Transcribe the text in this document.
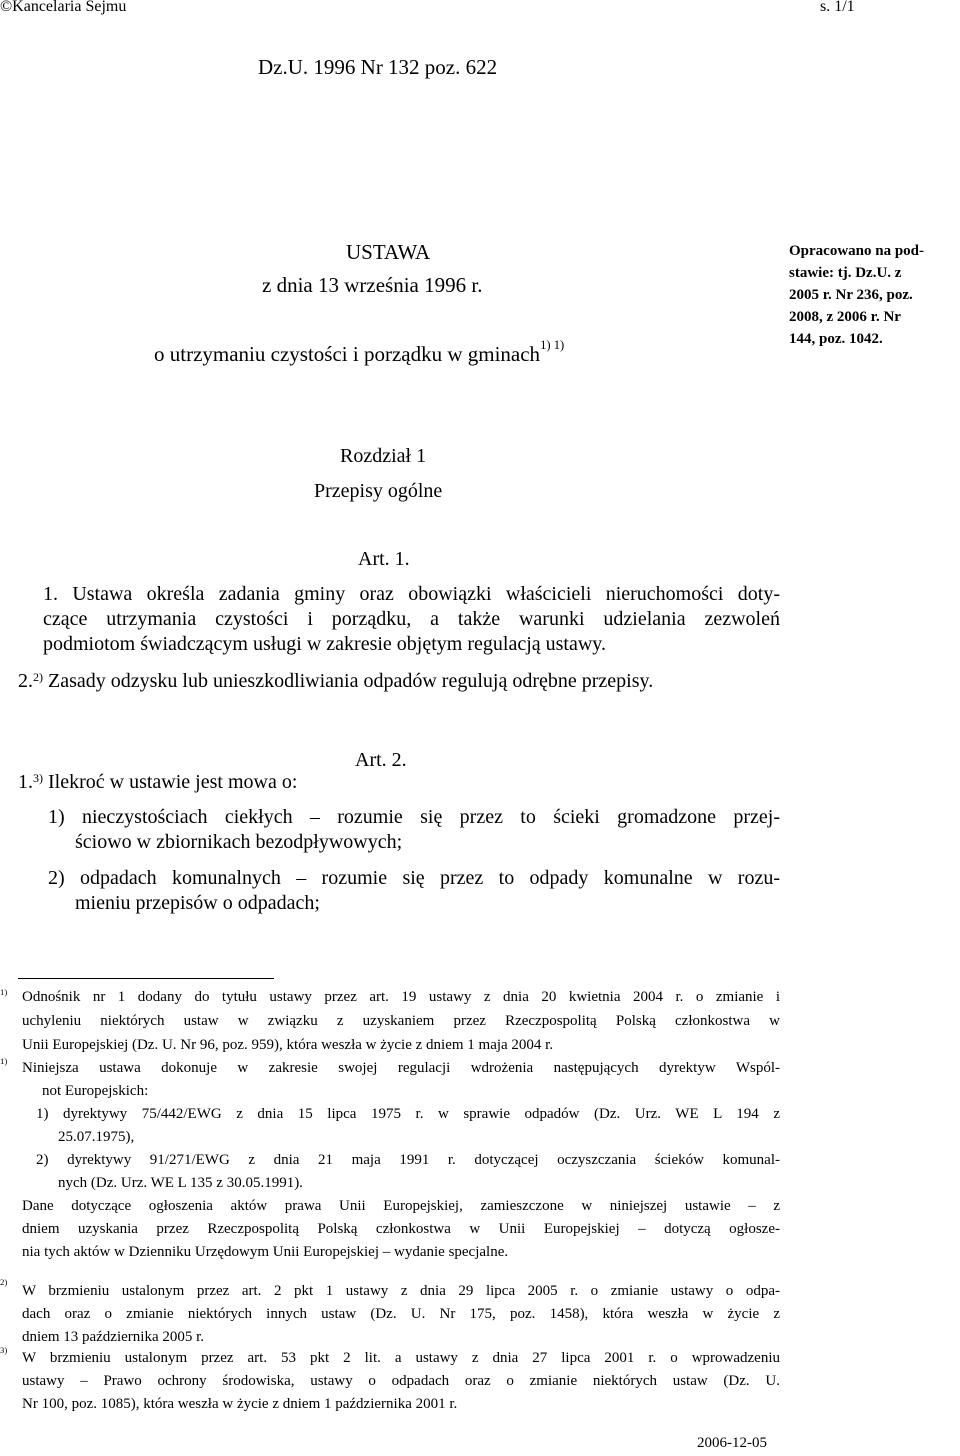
©Kancelaria Sejmu	s. 1/1
Dz.U. 1996 Nr 132 poz. 622
USTAWA
z dnia 13 września 1996 r.
o utrzymaniu czystości i porządku w gminach$^{1) 1)}$
Opracowano na pod-
stawie: tj. Dz.U. z
2005 r. Nr 236, poz.
2008, z 2006 r. Nr
144, poz. 1042.
Rozdział 1
Przepisy ogólne
Art. 1.
1. Ustawa określa zadania gminy oraz obowiązki właścicieli nieruchomości doty-
czące utrzymania czystości i porządku, a także warunki udzielania zezwoleń
podmiotom świadczącym usługi w zakresie objętym regulacją ustawy.
2.$^{2)}$ Zasady odzysku lub unieszkodliwiania odpadów regulują odrębne przepisy.
Art. 2.
1.$^{3)}$ Ilekroć w ustawie jest mowa o:
1) nieczystościach ciekłych – rozumie się przez to ścieki gromadzone przej-
ściowo w zbiornikach bezodpływowych;
2) odpadach komunalnych – rozumie się przez to odpady komunalne w rozu-
mieniu przepisów o odpadach;
$^{1)}$ Odnośnik nr 1 dodany do tytułu ustawy przez art. 19 ustawy z dnia 20 kwietnia 2004 r. o zmianie i
uchyleniu niektórych ustaw w związku z uzyskaniem przez Rzeczpospolitą Polską członkostwa w
Unii Europejskiej (Dz. U. Nr 96, poz. 959), która weszła w życie z dniem 1 maja 2004 r.
$^{1)}$ Niniejsza ustawa dokonuje w zakresie swojej regulacji wdrożenia następujących dyrektyw Wspól-
not Europejskich:
1) dyrektywy 75/442/EWG z dnia 15 lipca 1975 r. w sprawie odpadów (Dz. Urz. WE L 194 z
25.07.1975),
2) dyrektywy 91/271/EWG z dnia 21 maja 1991 r. dotyczącej oczyszczania ścieków komunal-
nych (Dz. Urz. WE L 135 z 30.05.1991).
Dane dotyczące ogłoszenia aktów prawa Unii Europejskiej, zamieszczone w niniejszej ustawie – z
dniem uzyskania przez Rzeczpospolitą Polską członkostwa w Unii Europejskiej – dotyczą ogłosze-
nia tych aktów w Dzienniku Urzędowym Unii Europejskiej – wydanie specjalne.
$^{2)}$
W brzmieniu ustalonym przez art. 2 pkt 1 ustawy z dnia 29 lipca 2005 r. o zmianie ustawy o odpa-
dach oraz o zmianie niektórych innych ustaw (Dz. U. Nr 175, poz. 1458), która weszła w życie z
dniem 13 października 2005 r.
$^{3)}$ W brzmieniu ustalonym przez art. 53 pkt 2 lit. a ustawy z dnia 27 lipca 2001 r. o wprowadzeniu
ustawy – Prawo ochrony środowiska, ustawy o odpadach oraz o zmianie niektórych ustaw (Dz. U.
Nr 100, poz. 1085), która weszła w życie z dniem 1 października 2001 r.
2006-12-05
